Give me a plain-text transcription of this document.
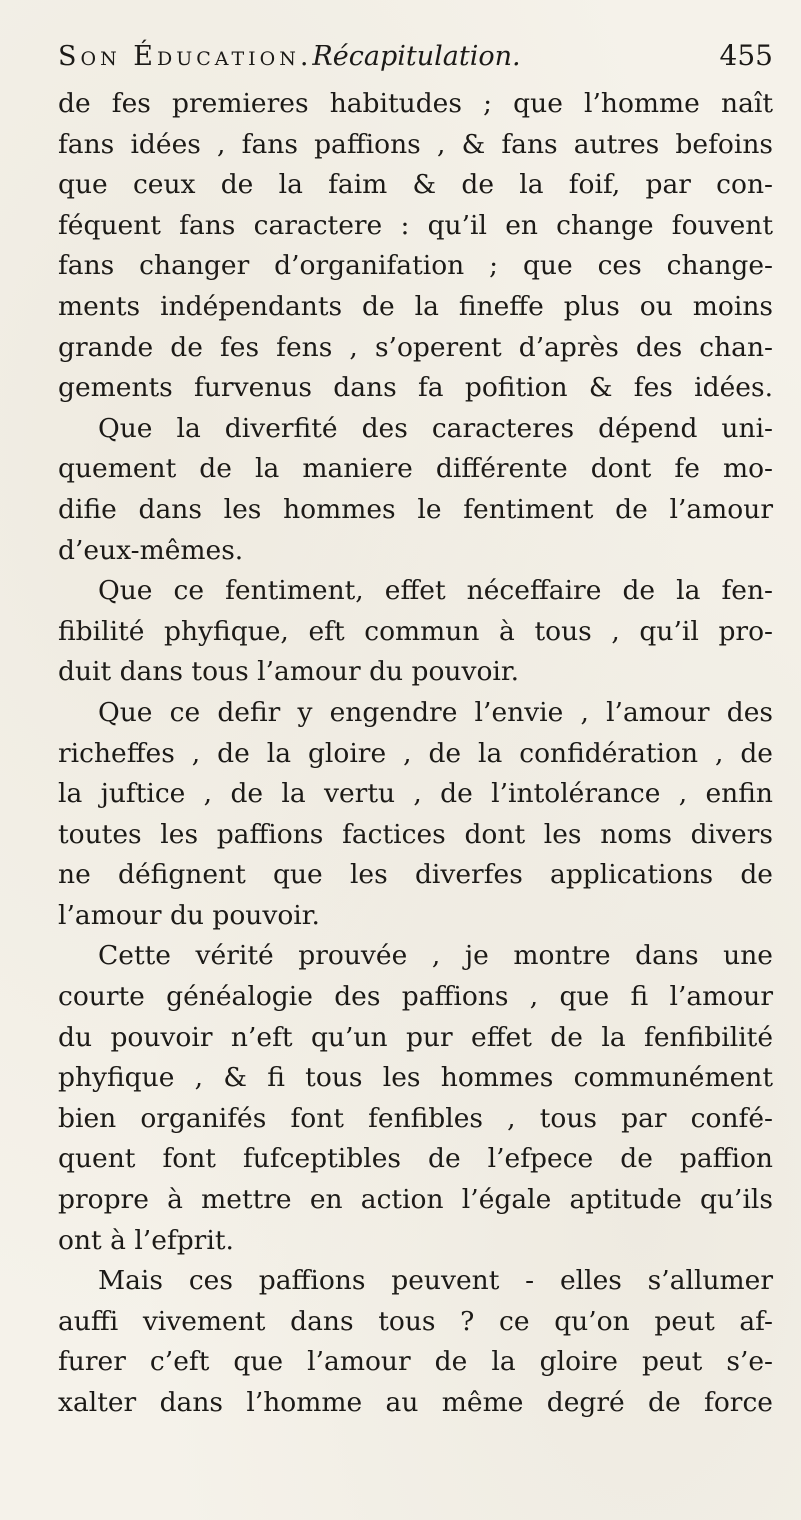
Son Éducation.Récapitulation.	455
de fes premieres habitudes ; que l’homme naît
fans idées , fans paffions , & fans autres befoins
que ceux de la faim & de la foif, par con-
féquent fans caractere : qu’il en change fouvent
fans changer d’organifation ; que ces change-
ments indépendants de la fineffe plus ou moins
grande de fes fens , s’operent d’après des chan-
gements furvenus dans fa pofition & fes idées.
Que la diverfité des caracteres dépend uni-
quement de la maniere différente dont fe mo-
difie dans les hommes le fentiment de l’amour
d’eux-mêmes.
Que ce fentiment, effet néceffaire de la fen-
fibilité phyfique, eft commun à tous , qu’il pro-
duit dans tous l’amour du pouvoir.
Que ce defir y engendre l’envie , l’amour des
richeffes , de la gloire , de la confidération , de
la juftice , de la vertu , de l’intolérance , enfin
toutes les paffions factices dont les noms divers
ne défignent que les diverfes applications de
l’amour du pouvoir.
Cette vérité prouvée , je montre dans une
courte généalogie des paffions , que fi l’amour
du pouvoir n’eft qu’un pur effet de la fenfibilité
phyfique , & fi tous les hommes communément
bien organifés font fenfibles , tous par confé-
quent font fufceptibles de l’efpece de paffion
propre à mettre en action l’égale aptitude qu’ils
ont à l’efprit.
Mais ces paffions peuvent - elles s’allumer
auffi vivement dans tous ? ce qu’on peut af-
furer c’eft que l’amour de la gloire peut s’e-
xalter dans l’homme au même degré de force
